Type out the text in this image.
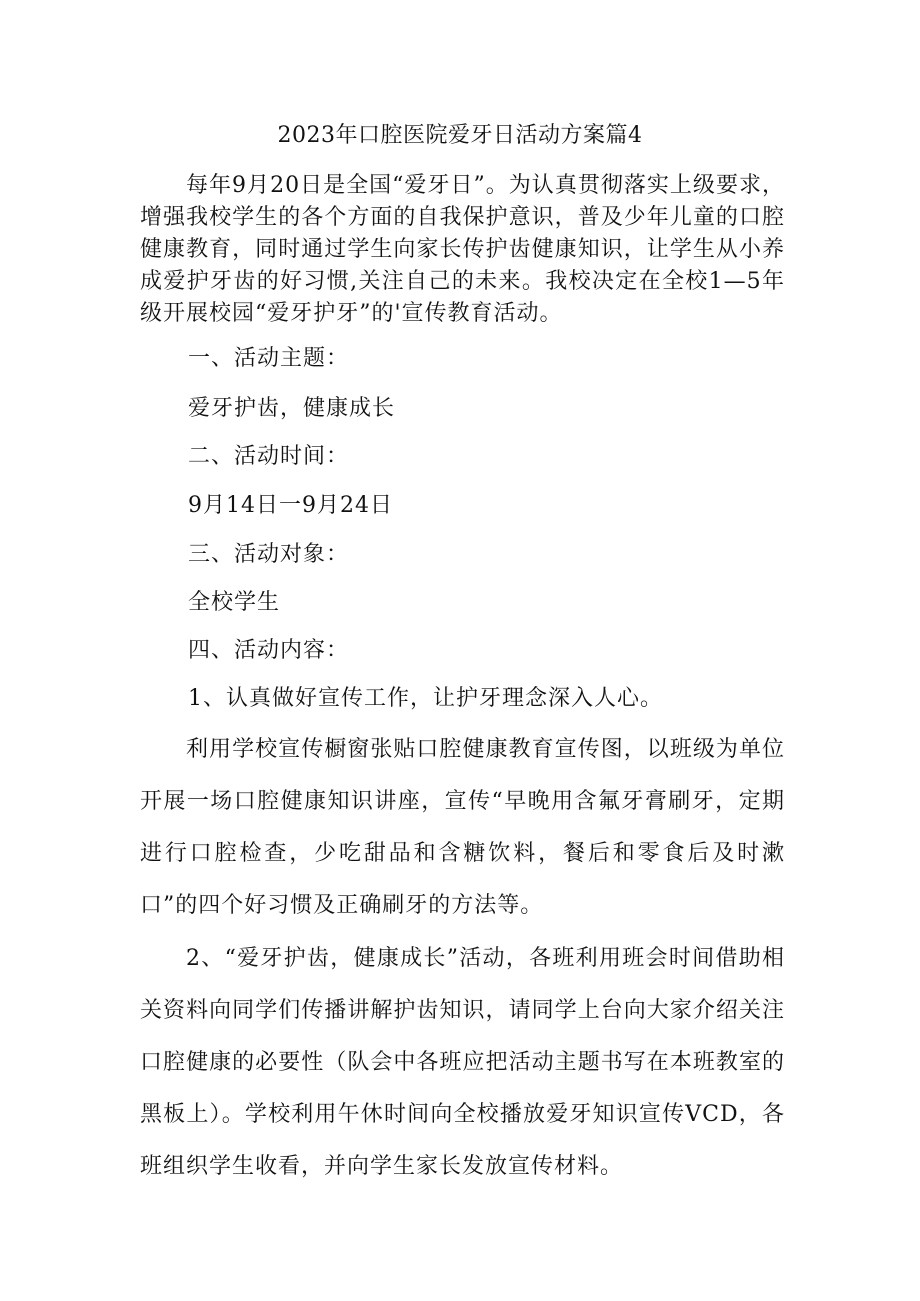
2023年口腔医院爱牙日活动方案篇4
每年9月20日是全国“爱牙日”。为认真贯彻落实上级要求，增强我校学生的各个方面的自我保护意识，普及少年儿童的口腔健康教育，同时通过学生向家长传护齿健康知识，让学生从小养成爱护牙齿的好习惯,关注自己的未来。我校决定在全校1—5年级开展校园“爱牙护牙”的'宣传教育活动。
一、活动主题：
爱牙护齿，健康成长
二、活动时间：
9月14日一9月24日
三、活动对象：
全校学生
四、活动内容：
1、认真做好宣传工作，让护牙理念深入人心。
利用学校宣传橱窗张贴口腔健康教育宣传图，以班级为单位开展一场口腔健康知识讲座，宣传“早晚用含氟牙膏刷牙，定期进行口腔检查，少吃甜品和含糖饮料，餐后和零食后及时漱口”的四个好习惯及正确刷牙的方法等。
2、“爱牙护齿，健康成长”活动，各班利用班会时间借助相关资料向同学们传播讲解护齿知识，请同学上台向大家介绍关注口腔健康的必要性（队会中各班应把活动主题书写在本班教室的黑板上）。学校利用午休时间向全校播放爱牙知识宣传VCD，各班组织学生收看，并向学生家长发放宣传材料。
